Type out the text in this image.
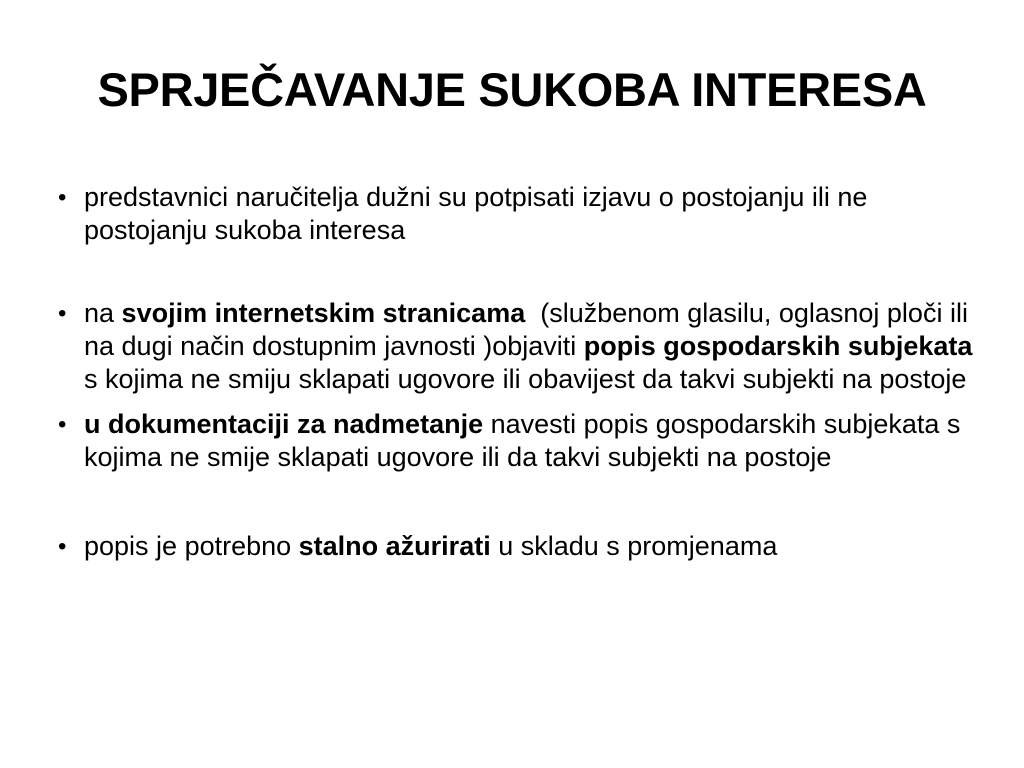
SPRJEČAVANJE SUKOBA INTERESA
• predstavnici naručitelja dužni su potpisati izjavu o postojanju ili ne postojanju sukoba interesa
• na svojim internetskim stranicama  (službenom glasilu, oglasnoj ploči ili na dugi način dostupnim javnosti )objaviti popis gospodarskih subjekata  s kojima ne smiju sklapati ugovore ili obavijest da takvi subjekti na postoje
• u dokumentaciji za nadmetanje navesti popis gospodarskih subjekata s kojima ne smije sklapati ugovore ili da takvi subjekti na postoje
• popis je potrebno stalno ažurirati u skladu s promjenama
